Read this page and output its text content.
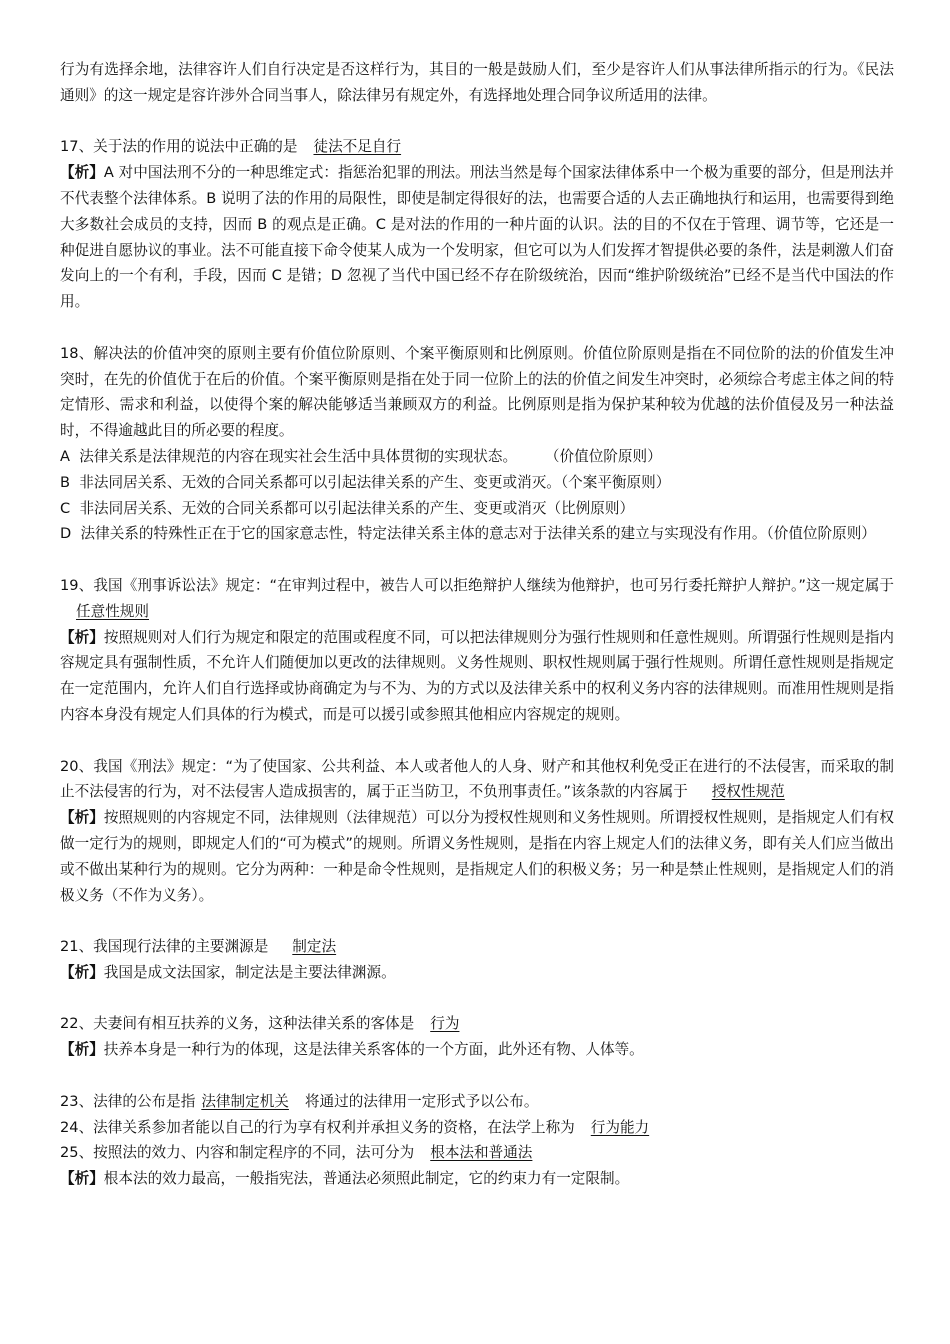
行为有选择余地，法律容许人们自行决定是否这样行为，其目的一般是鼓励人们，至少是容许人们从事法律所指示的行为。《民法通则》的这一规定是容许涉外合同当事人，除法律另有规定外，有选择地处理合同争议所适用的法律。

17、关于法的作用的说法中正确的是 徒法不足自行

【析】A 对中国法刑不分的一种思维定式：指惩治犯罪的刑法。刑法当然是每个国家法律体系中一个极为重要的部分，但是刑法并不代表整个法律体系。B 说明了法的作用的局限性，即使是制定得很好的法，也需要合适的人去正确地执行和运用，也需要得到绝大多数社会成员的支持，因而 B 的观点是正确。C 是对法的作用的一种片面的认识。法的目的不仅在于管理、调节等，它还是一种促进自愿协议的事业。法不可能直接下命令使某人成为一个发明家，但它可以为人们发挥才智提供必要的条件，法是刺激人们奋发向上的一个有利，手段，因而 C 是错；D 忽视了当代中国已经不存在阶级统治，因而“维护阶级统治”已经不是当代中国法的作用。

18、解决法的价值冲突的原则主要有价值位阶原则、个案平衡原则和比例原则。价值位阶原则是指在不同位阶的法的价值发生冲突时，在先的价值优于在后的价值。个案平衡原则是指在处于同一位阶上的法的价值之间发生冲突时，必须综合考虑主体之间的特定情形、需求和利益，以使得个案的解决能够适当兼顾双方的利益。比例原则是指为保护某种较为优越的法价值侵及另一种法益时，不得逾越此目的所必要的程度。

A  法律关系是法律规范的内容在现实社会生活中具体贯彻的实现状态。      （价值位阶原则）

B  非法同居关系、无效的合同关系都可以引起法律关系的产生、变更或消灭。（个案平衡原则）

C  非法同居关系、无效的合同关系都可以引起法律关系的产生、变更或消灭（比例原则）

D  法律关系的特殊性正在于它的国家意志性，特定法律关系主体的意志对于法律关系的建立与实现没有作用。（价值位阶原则）

19、我国《刑事诉讼法》规定：“在审判过程中，被告人可以拒绝辩护人继续为他辩护，也可另行委托辩护人辩护。”这一规定属于任意性规则

【析】按照规则对人们行为规定和限定的范围或程度不同，可以把法律规则分为强行性规则和任意性规则。所谓强行性规则是指内容规定具有强制性质，不允许人们随便加以更改的法律规则。义务性规则、职权性规则属于强行性规则。所谓任意性规则是指规定在一定范围内，允许人们自行选择或协商确定为与不为、为的方式以及法律关系中的权利义务内容的法律规则。而准用性规则是指内容本身没有规定人们具体的行为模式，而是可以援引或参照其他相应内容规定的规则。

20、我国《刑法》规定：“为了使国家、公共利益、本人或者他人的人身、财产和其他权利免受正在进行的不法侵害，而采取的制止不法侵害的行为，对不法侵害人造成损害的，属于正当防卫，不负刑事责任。”该条款的内容属于 授权性规范

【析】按照规则的内容规定不同，法律规则（法律规范）可以分为授权性规则和义务性规则。所谓授权性规则，是指规定人们有权做一定行为的规则，即规定人们的“可为模式”的规则。所谓义务性规则，是指在内容上规定人们的法律义务，即有关人们应当做出或不做出某种行为的规则。它分为两种：一种是命令性规则，是指规定人们的积极义务；另一种是禁止性规则，是指规定人们的消极义务（不作为义务）。

21、我国现行法律的主要渊源是 制定法

【析】我国是成文法国家，制定法是主要法律渊源。

22、夫妻间有相互扶养的义务，这种法律关系的客体是 行为

【析】扶养本身是一种行为的体现，这是法律关系客体的一个方面，此外还有物、人体等。

23、法律的公布是指 法律制定机关 将通过的法律用一定形式予以公布。

24、法律关系参加者能以自己的行为享有权利并承担义务的资格，在法学上称为 行为能力

25、按照法的效力、内容和制定程序的不同，法可分为 根本法和普通法

【析】根本法的效力最高，一般指宪法，普通法必须照此制定，它的约束力有一定限制。
